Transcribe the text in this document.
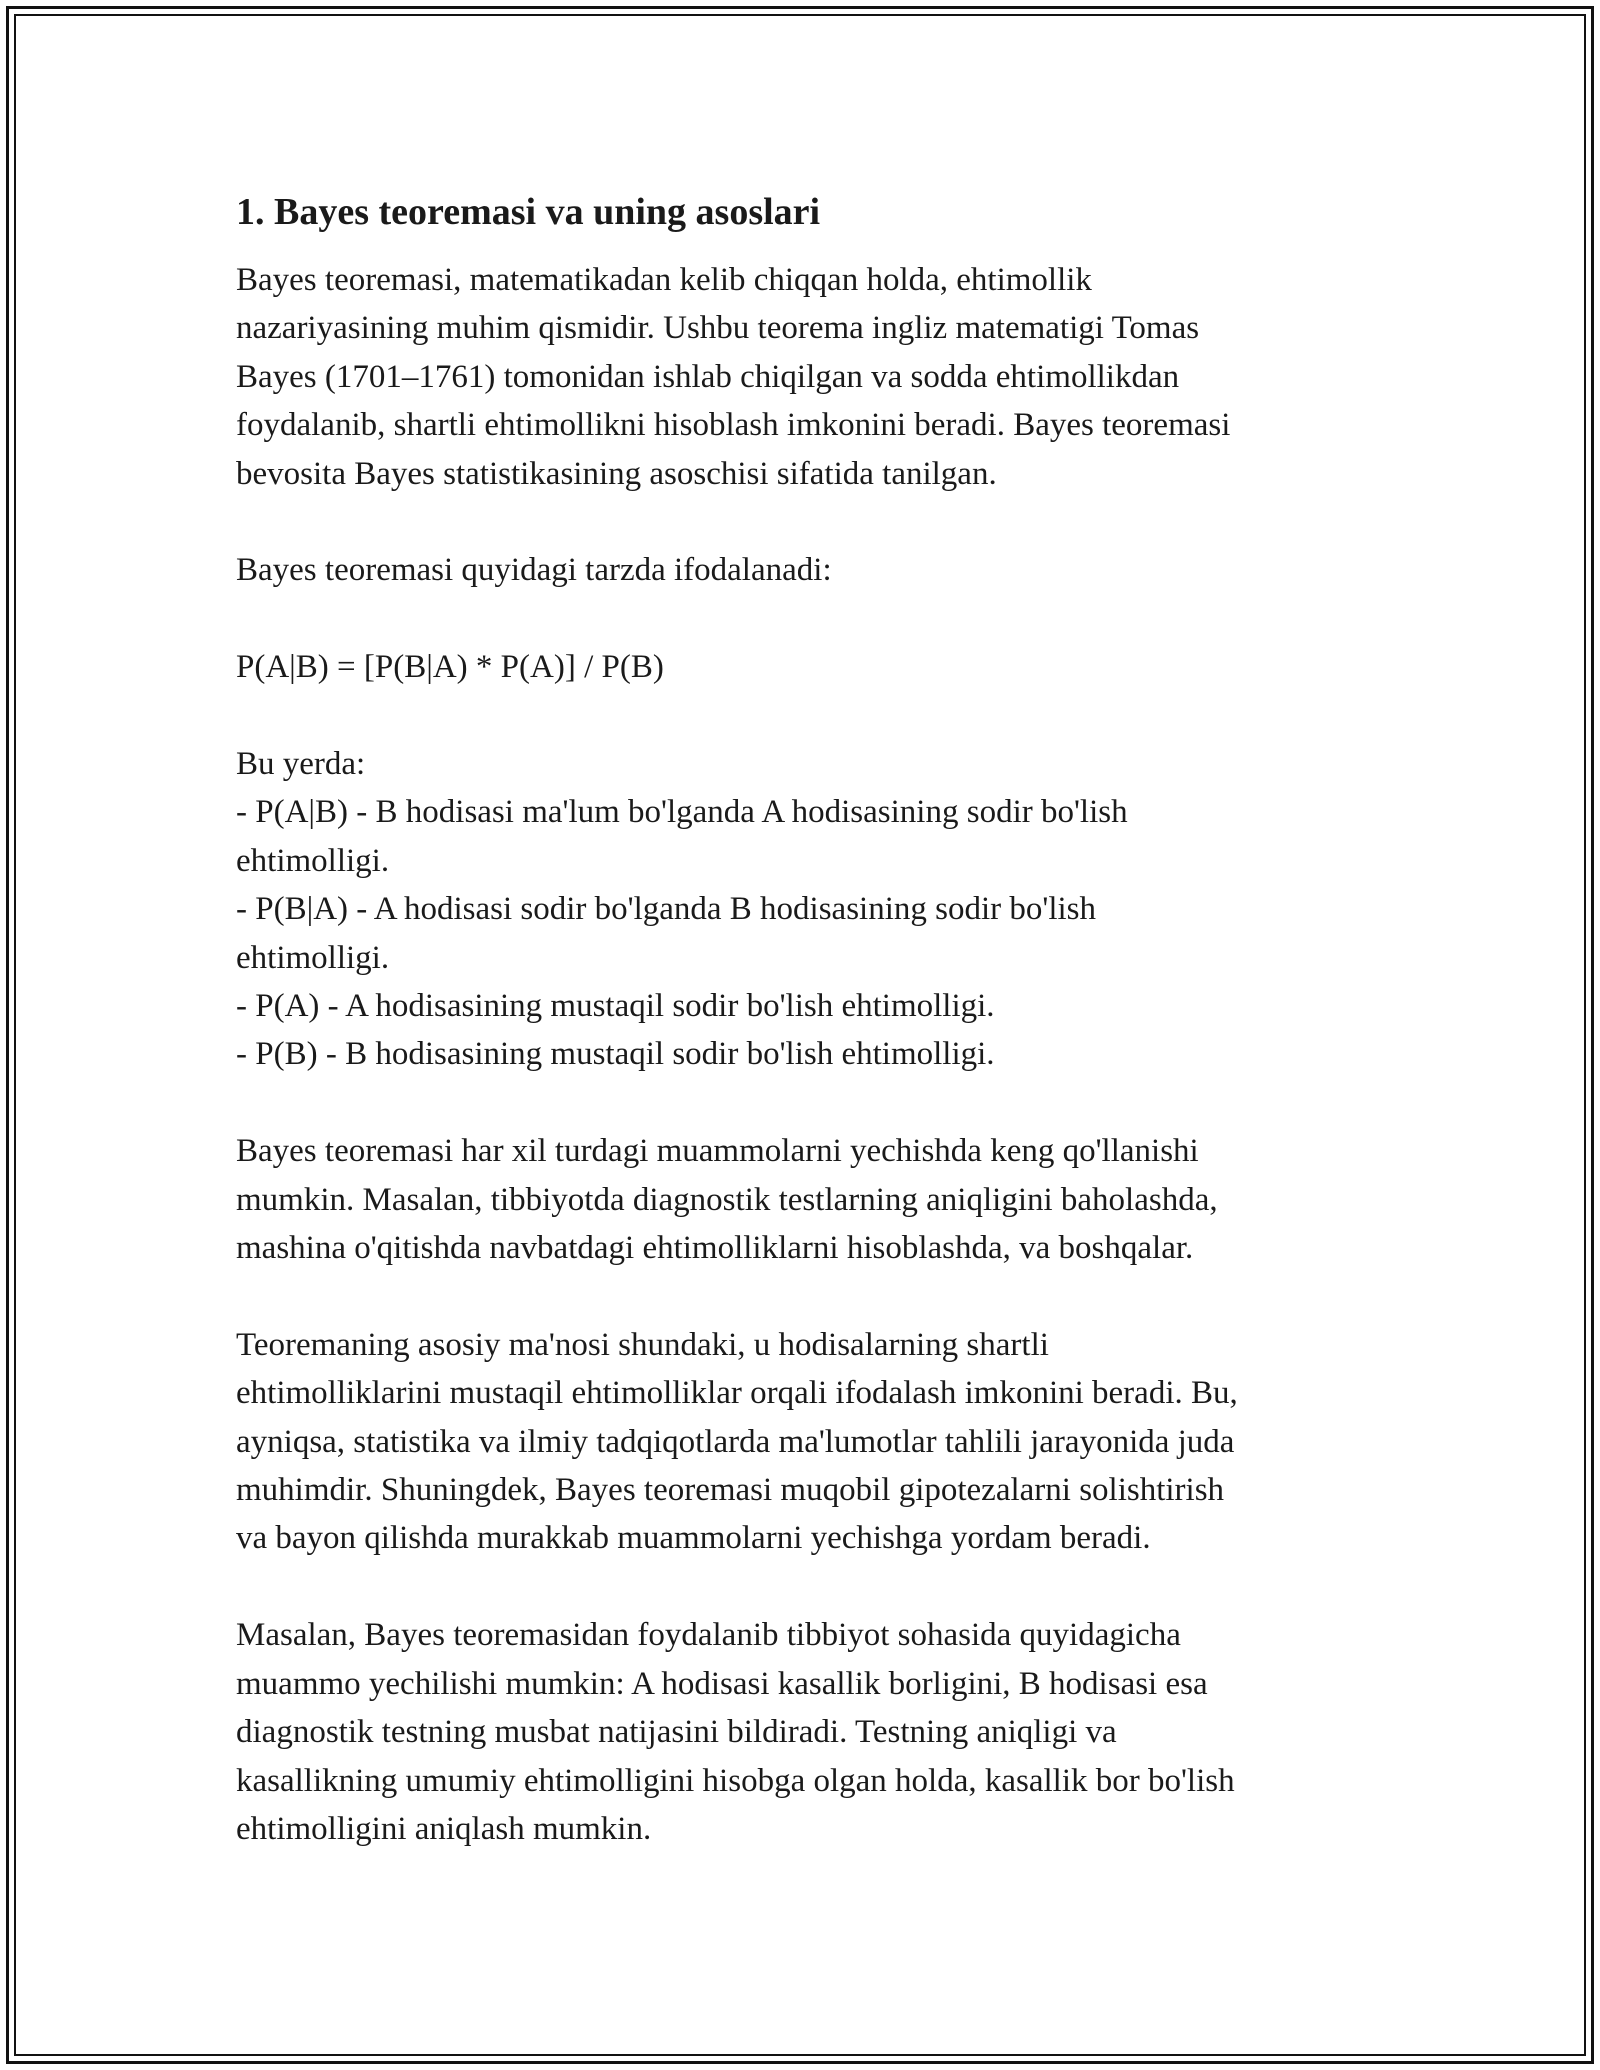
1. Bayes teoremasi va uning asoslari

Bayes teoremasi, matematikadan kelib chiqqan holda, ehtimollik
nazariyasining muhim qismidir. Ushbu teorema ingliz matematigi Tomas
Bayes (1701–1761) tomonidan ishlab chiqilgan va sodda ehtimollikdan
foydalanib, shartli ehtimollikni hisoblash imkonini beradi. Bayes teoremasi
bevosita Bayes statistikasining asoschisi sifatida tanilgan.

Bayes teoremasi quyidagi tarzda ifodalanadi:

P(A|B) = [P(B|A) * P(A)] / P(B)

Bu yerda:
- P(A|B) - B hodisasi ma'lum bo'lganda A hodisasining sodir bo'lish
ehtimolligi.
- P(B|A) - A hodisasi sodir bo'lganda B hodisasining sodir bo'lish
ehtimolligi.
- P(A) - A hodisasining mustaqil sodir bo'lish ehtimolligi.
- P(B) - B hodisasining mustaqil sodir bo'lish ehtimolligi.

Bayes teoremasi har xil turdagi muammolarni yechishda keng qo'llanishi
mumkin. Masalan, tibbiyotda diagnostik testlarning aniqligini baholashda,
mashina o'qitishda navbatdagi ehtimolliklarni hisoblashda, va boshqalar.

Teoremaning asosiy ma'nosi shundaki, u hodisalarning shartli
ehtimolliklarini mustaqil ehtimolliklar orqali ifodalash imkonini beradi. Bu,
ayniqsa, statistika va ilmiy tadqiqotlarda ma'lumotlar tahlili jarayonida juda
muhimdir. Shuningdek, Bayes teoremasi muqobil gipotezalarni solishtirish
va bayon qilishda murakkab muammolarni yechishga yordam beradi.

Masalan, Bayes teoremasidan foydalanib tibbiyot sohasida quyidagicha
muammo yechilishi mumkin: A hodisasi kasallik borligini, B hodisasi esa
diagnostik testning musbat natijasini bildiradi. Testning aniqligi va
kasallikning umumiy ehtimolligini hisobga olgan holda, kasallik bor bo'lish
ehtimolligini aniqlash mumkin.
